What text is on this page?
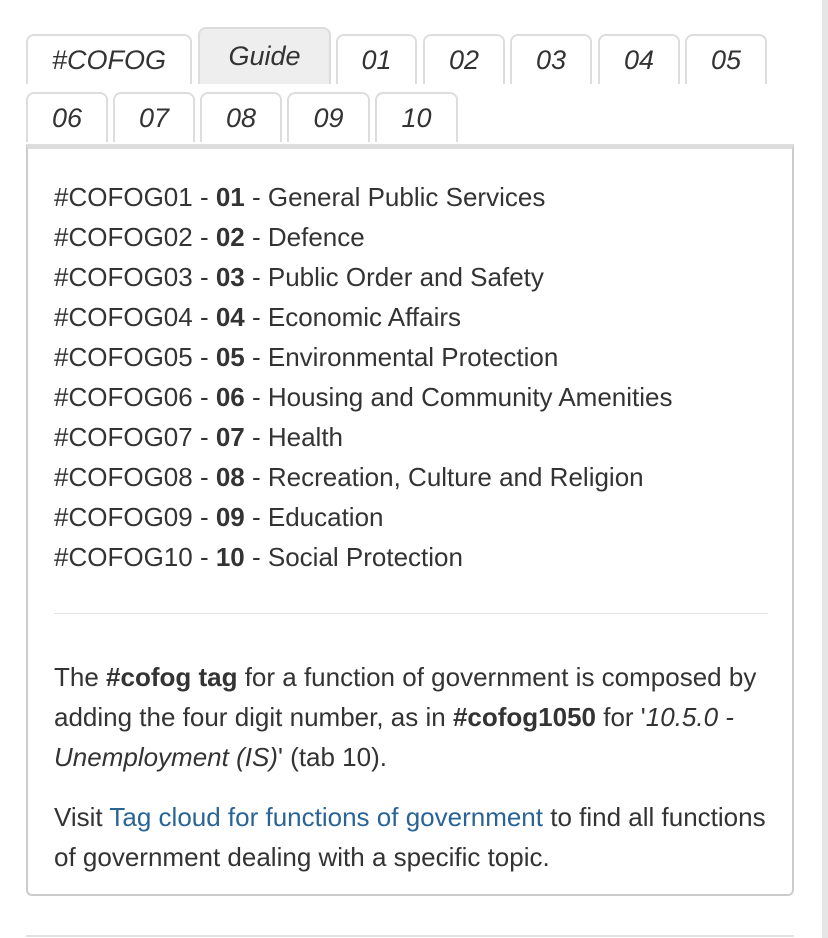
#COFOG	Guide	01	02	03	04	05
06	07	08	09	10
#COFOG01 - 01 - General Public Services
#COFOG02 - 02 - Defence
#COFOG03 - 03 - Public Order and Safety
#COFOG04 - 04 - Economic Affairs
#COFOG05 - 05 - Environmental Protection
#COFOG06 - 06 - Housing and Community Amenities
#COFOG07 - 07 - Health
#COFOG08 - 08 - Recreation, Culture and Religion
#COFOG09 - 09 - Education
#COFOG10 - 10 - Social Protection

The #cofog tag for a function of government is composed by adding the four digit number, as in #cofog1050 for '10.5.0 - Unemployment (IS)' (tab 10).

Visit Tag cloud for functions of government to find all functions of government dealing with a specific topic.
